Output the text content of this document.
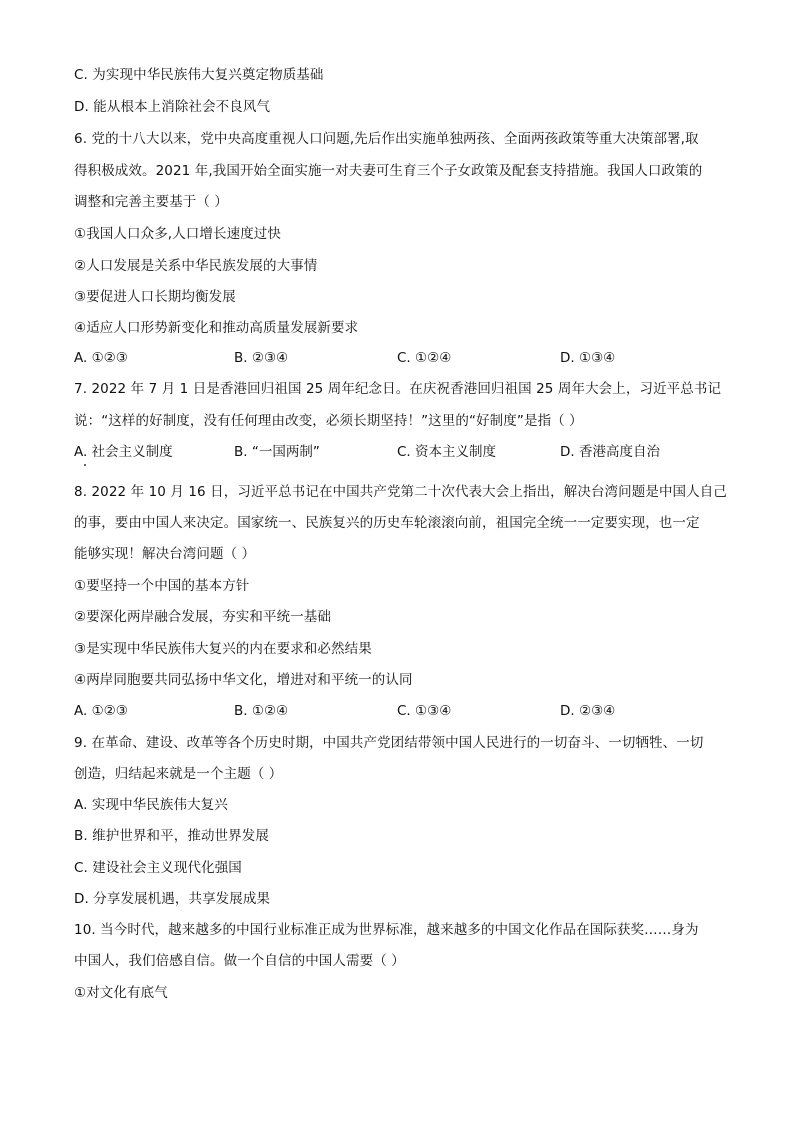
C. 为实现中华民族伟大复兴奠定物质基础
D. 能从根本上消除社会不良风气
6. 党的十八大以来，党中央高度重视人口问题,先后作出实施单独两孩、全面两孩政策等重大决策部署,取
得积极成效。2021 年,我国开始全面实施一对夫妻可生育三个子女政策及配套支持措施。我国人口政策的
调整和完善主要基于（ ）
①我国人口众多,人口增长速度过快
②人口发展是关系中华民族发展的大事情
③要促进人口长期均衡发展
④适应人口形势新变化和推动高质量发展新要求
A. ①②③	B. ②③④	C. ①②④	D. ①③④
7. 2022 年 7 月 1 日是香港回归祖国 25 周年纪念日。在庆祝香港回归祖国 25 周年大会上，习近平总书记
说：“这样的好制度，没有任何理由改变，必须长期坚持！”这里的“好制度”是指（ ）
A. 社会主义制度	B. “一国两制”	C. 资本主义制度	D. 香港高度自治
8. 2022 年 10 月 16 日，习近平总书记在中国共产党第二十次代表大会上指出，解决台湾问题是中国人自己
的事，要由中国人来决定。国家统一、民族复兴的历史车轮滚滚向前，祖国完全统一一定要实现，也一定
能够实现！解决台湾问题（ ）
①要坚持一个中国的基本方针
②要深化两岸融合发展，夯实和平统一基础
③是实现中华民族伟大复兴的内在要求和必然结果
④两岸同胞要共同弘扬中华文化，增进对和平统一的认同
A. ①②③	B. ①②④	C. ①③④	D. ②③④
9. 在革命、建设、改革等各个历史时期，中国共产党团结带领中国人民进行的一切奋斗、一切牺牲、一切
创造，归结起来就是一个主题（ ）
A. 实现中华民族伟大复兴
B. 维护世界和平，推动世界发展
C. 建设社会主义现代化强国
D. 分享发展机遇，共享发展成果
10. 当今时代，越来越多的中国行业标准正成为世界标准，越来越多的中国文化作品在国际获奖……身为
中国人，我们倍感自信。做一个自信的中国人需要（ ）
①对文化有底气
